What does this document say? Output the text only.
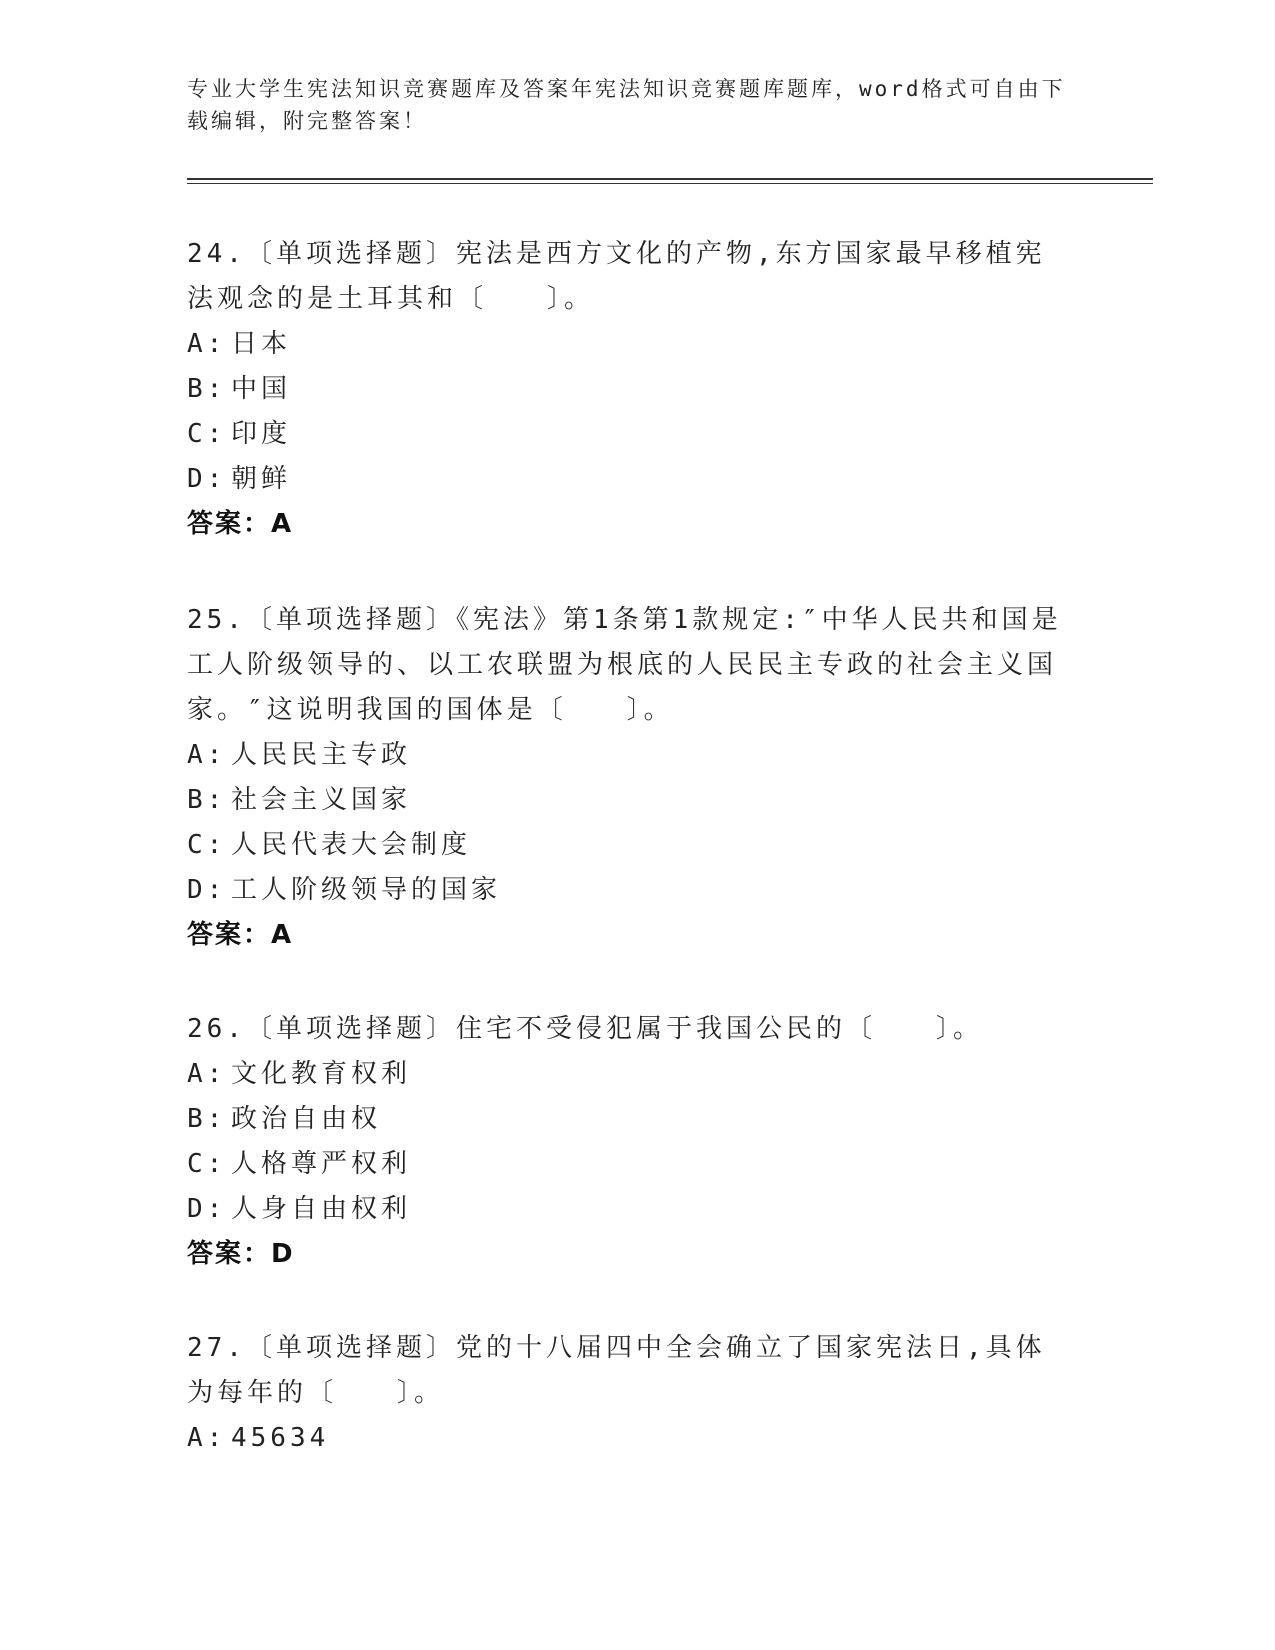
专业大学生宪法知识竞赛题库及答案年宪法知识竞赛题库题库，word格式可自由下载编辑，附完整答案！

24.〔单项选择题〕宪法是西方文化的产物,东方国家最早移植宪法观念的是土耳其和〔　　〕。

A: 日本
B: 中国
C: 印度
D: 朝鲜
答案：A

25.〔单项选择题〕《宪法》第1条第1款规定:″中华人民共和国是工人阶级领导的、以工农联盟为根底的人民民主专政的社会主义国家。″这说明我国的国体是〔　　〕。

A: 人民民主专政
B: 社会主义国家
C: 人民代表大会制度
D: 工人阶级领导的国家
答案：A

26.〔单项选择题〕住宅不受侵犯属于我国公民的〔　　〕。

A: 文化教育权利
B: 政治自由权
C: 人格尊严权利
D: 人身自由权利
答案：D

27.〔单项选择题〕党的十八届四中全会确立了国家宪法日,具体为每年的〔　　〕。

A: 45634
